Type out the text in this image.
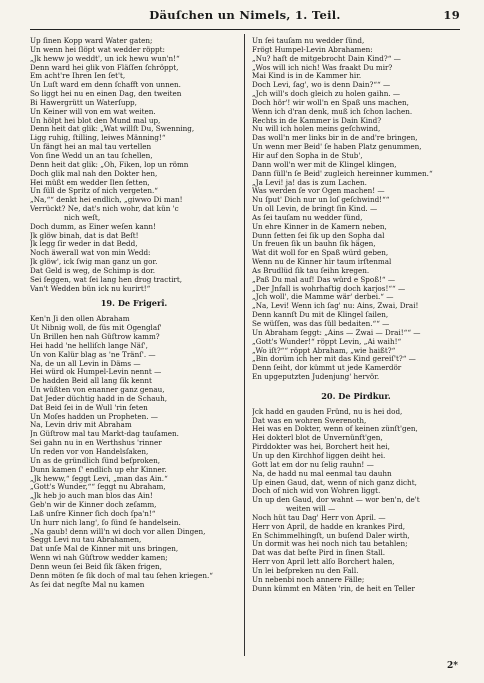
Däuſchen un Nimels, 1. Teil.	19
Up ſinen Kopp ward Water gaten;
Un wenn hei ſlöpt wat wedder röppt:
„Jk heww jo weddt', un ick hewu wun'n!“
Denn ward hei glik von Fläſſen ſchröppt,
Em acht're Ihren Ien ſet't,
Un Luſt ward em denn ſchafft von unnen.
So liggt hei nu en einen Dag, den tweiten
Bi Hawergrütt un Waterſupp,
Un Keiner will von em wat weiten.
Un hölpt hei blot den Mund mal up,
Denn heit dat glik: „Wat willſt Du, Swenning,
Ligg ruhig, ſtilling, leiwes Männing!“
Un fängt hei an mal tau vertellen
Von ſine Wedd un an tau ſchellen,
Denn heit dat glik: „Oh, Fiken, lop un römn
Doch glik mal nah den Dokter hen,
Hei müßt em wedder Ilen ſetten,
Un ſüll de Spritz of nich vergeten.“
„Na,““ denkt hei endlich, „giwwo Di man!
Verrückt? Ne, dat's nich wohr, dat kün 'c
nich weſt,
Doch dumm, as Einer weſen kann!
Jk glöw binah, dat is dat Beſt!
Jk legg ſir weder in dat Bedd,
Noch äwerall wat von min Wedd:
Jk glöw', ick ſwig man ganz un gor.
Dat Geld is weg, de Schimp is dor.
Sei ſeggen, wat ſei lang hen drog tractirt,
Van't Wedden bün ick nu kurirt!“
19. De Frigerî.
Ken'n Ji den ollen Abraham
Ut Nibnig woll, de ſüs mit Ogenglaſ'
Un Brillen hen nah Güſtrow kamm?
Hei hadd 'ne helliſch lange Näſ',
Un von Kalür blag as 'ne Tränſ'. —
Na, de un all Levin in Däms —
Hei würd ok Humpel-Levin nennt —
De hadden Beid all lang ſik kennt
Un wüßten von enanner ganz genau,
Dat Jeder düchtig hadd in de Schauh,
Dat Beid ſei in de Wull 'rin ſeten
Un Moſes hadden un Propheten. —
Na, Levin driv mit Abraham
Jn Güſtrow mal tau Markt-dag tauſamen.
Sei gahn nu in en Werthshus 'rinner
Un reden vor von Handelsſaken,
Un as de gründlich ſünd beſproken,
Dunn kamen ſ' endlich up ehr Kinner.
„Jk heww,“ ſeggt Levi, „man das Ain.“
„Gott's Wunder,““ ſeggt nu Abraham,
„Jk heb jo auch man blos das Ain!
Geb'n wir de Kinner doch zeſamm,
Laß unſre Kinner ſich doch ſpa'n!“
Un hurr nich lang', ſo ſünd ſe handelsein.
„Na gaub! denn will'n wi doch vor allen Dingen,
Seggt Levi nu tau Abrahamen,
Dat unſe Mal de Kinner mit uns bringen,
Wenn wi nah Güſtrow wedder kamen;
Denn weun ſei Beid ſik ſäken frigen,
Denn möten ſe ſik doch of mal tau ſehen kriegen.“
As ſei dat negſte Mal nu kamen
Un ſei tauſam nu wedder ſünd,
Frögt Humpel-Levin Abrahamen:
„Nu? haſt de mitgebrocht Dain Kind?“ —
„Wos will ich nich! Was fraakt Du mir?
Mai Kind is in de Kammer hir.
Doch Levi, ſag', wo is denn Dain?““ —
„Jch will's doch gleich zu holen gaihn. —
Doch hör'! wir woll'n en Spaß uns machen,
Wenn ich d'ran denk, muß ich ſchon lachen.
Rechts in de Kammer is Dain Kind?
Nu will ich holen meins geſchwind,
Das woll'n mer links bir in de and're bringen,
Un wenn mer Beid' ſe haben Platz genummen,
Hir auf den Sopha in de Stub',
Dann woll'n wer mit de Klingel klingen,
Dann ſüll'n ſe Beid' zugleich hereinner kummen.“
„Ja Levi! ja! das is zum Lachen.
Was werden ſe vor Ogen machen! —
Nu ſput' Dich nur un loſ geſchwind!““
Un oll Levin, de bringt ſin Kind. —
As ſei tauſam nu wedder ſünd,
Un ehre Kinner in de Kamern neben,
Dunn ſetten ſei ſik up den Sopha dal
Un freuen ſik un bauhn ſik hägen,
Wat dit woll for en Spaß würd geben,
Wenn nu de Kinner hir taum irſtenmal
As Brudlüd ſik tau ſeihn kregen.
„Paß Du mal auf! Das würd e Spoß!“ —
„Der Jnfall is wohrhaftig doch karjos!““ —
„Jch woll', die Mamme wär' derbei.“ —
„Na, Levi! Wenn ich ſag' nu: Ains, Zwai, Drai!
Denn kannſt Du mit de Klingel ſailen,
Se wüſſen, was das ſüll bedaiten.““ —
Un Abraham ſeggt: „Ains — Zwai — Drai!““ —
„Gott's Wunder!“ röppt Levin, „Ai waih!“
„Wo iſt?““ röppt Abraham, „wie haißt?“
„Bin dorüm ich her mit das Kind gereiſ't?“ —
Denn ſeiht, dor kümmt ut jede Kamerdör
En upgeputzten Judenjung' hervör.
20. De Pirdkur.
Jck hadd en gauden Fründ, nu is hei dod,
Dat was en wohren Swerenoth,
Hei was en Dokter, wenn of keinen zünſt'gen,
Hei dokterl blot de Unvernünft'gen,
Pirddokter was hei, Borchert heit hei,
Un up den Kirchhof liggen deiht hei.
Gott lat em dor nu ſelig rauhn! —
Na, de hadd nu mal eenmal tau dauhn
Up einen Gaud, dat, wenn of nich ganz dicht,
Doch of nich wid von Wohren liggt.
Un up den Gaud, dor wahnt — wor ben'n, de't
weiten will —
Noch hüt tau Dag' Herr von April. —
Herr von April, de hadde en krankes Pird,
En Schimmelhingſt, un buſend Daler wirth,
Un dormit was hei noch nich tau betahlen;
Dat was dat beſte Pird in ſinen Stall.
Herr von April lett alſo Borchert halen,
Un lei beſpreken nu den Fall.
Un nebenbi noch annere Fälle;
Dunn kümmt en Mäten 'rin, de heit en Teller
2*
